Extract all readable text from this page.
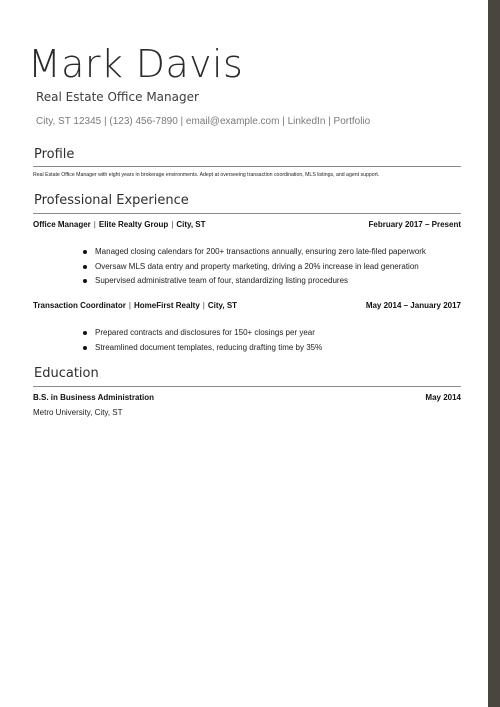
Mark Davis
Real Estate Office Manager
City, ST 12345 | (123) 456-7890 | email@example.com | LinkedIn | Portfolio
Profile
Real Estate Office Manager with eight years in brokerage environments. Adept at overseeing transaction coordination, MLS listings, and agent support.
Professional Experience
Office Manager | Elite Realty Group | City, ST	February 2017 – Present
Managed closing calendars for 200+ transactions annually, ensuring zero late-filed paperwork
Oversaw MLS data entry and property marketing, driving a 20% increase in lead generation
Supervised administrative team of four, standardizing listing procedures
Transaction Coordinator | HomeFirst Realty | City, ST	May 2014 – January 2017
Prepared contracts and disclosures for 150+ closings per year
Streamlined document templates, reducing drafting time by 35%
Education
B.S. in Business Administration	May 2014
Metro University, City, ST
